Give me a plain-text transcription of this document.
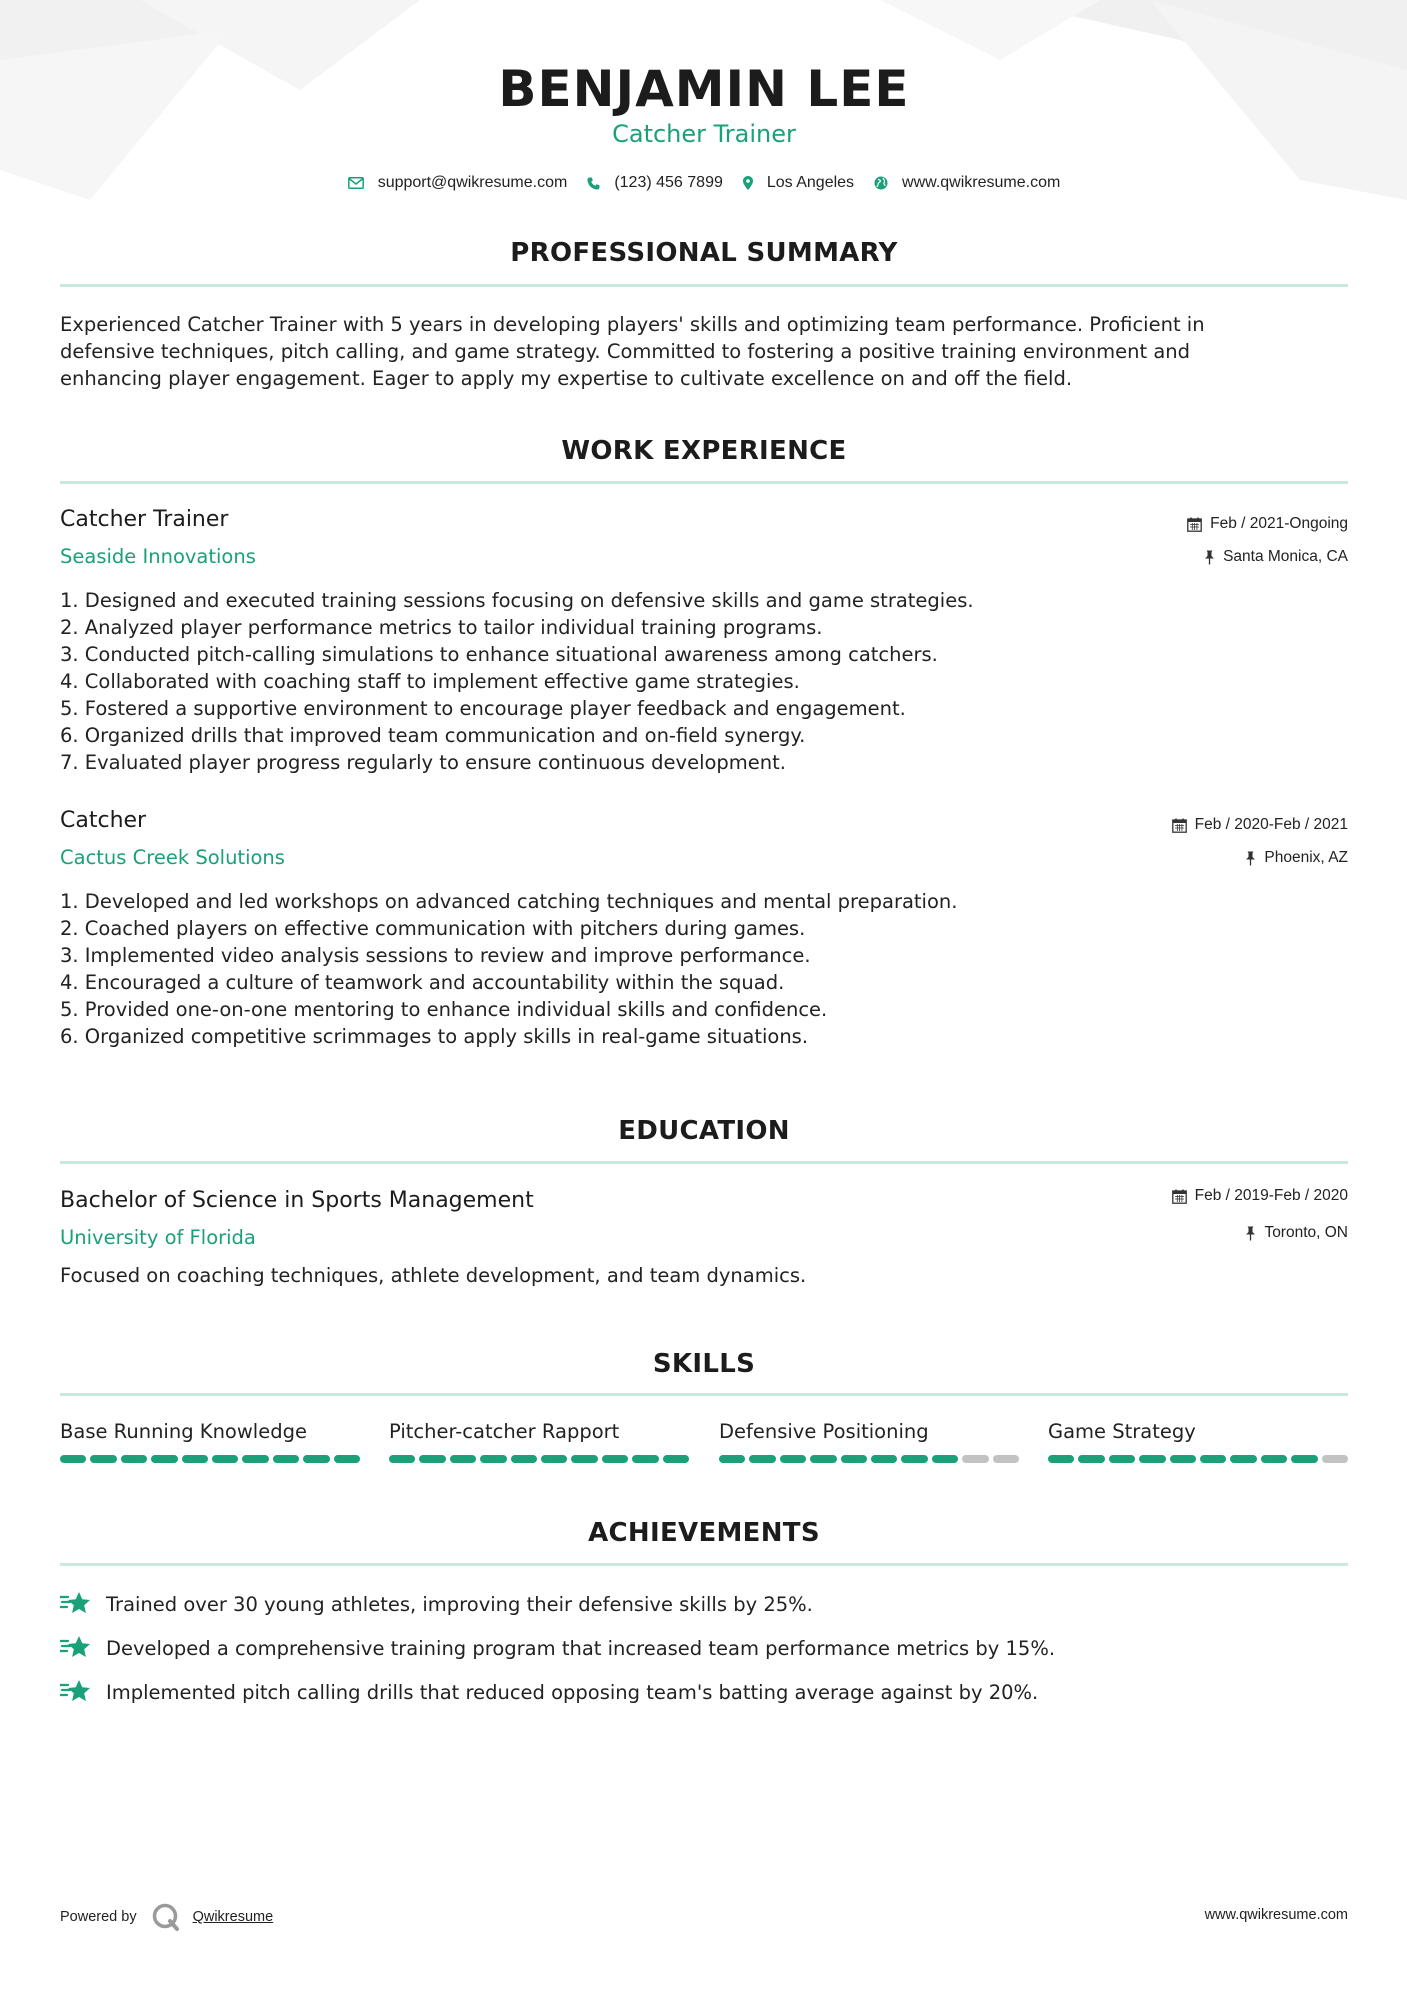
BENJAMIN LEE
Catcher Trainer
support@qwikresume.com	(123) 456 7899	Los Angeles	www.qwikresume.com
PROFESSIONAL SUMMARY
Experienced Catcher Trainer with 5 years in developing players' skills and optimizing team performance. Proficient in
defensive techniques, pitch calling, and game strategy. Committed to fostering a positive training environment and
enhancing player engagement. Eager to apply my expertise to cultivate excellence on and off the field.
WORK EXPERIENCE
Catcher Trainer
Seaside Innovations
Feb / 2021-Ongoing
Santa Monica, CA
1. Designed and executed training sessions focusing on defensive skills and game strategies.
2. Analyzed player performance metrics to tailor individual training programs.
3. Conducted pitch-calling simulations to enhance situational awareness among catchers.
4. Collaborated with coaching staff to implement effective game strategies.
5. Fostered a supportive environment to encourage player feedback and engagement.
6. Organized drills that improved team communication and on-field synergy.
7. Evaluated player progress regularly to ensure continuous development.
Catcher
Cactus Creek Solutions
Feb / 2020-Feb / 2021
Phoenix, AZ
1. Developed and led workshops on advanced catching techniques and mental preparation.
2. Coached players on effective communication with pitchers during games.
3. Implemented video analysis sessions to review and improve performance.
4. Encouraged a culture of teamwork and accountability within the squad.
5. Provided one-on-one mentoring to enhance individual skills and confidence.
6. Organized competitive scrimmages to apply skills in real-game situations.
EDUCATION
Bachelor of Science in Sports Management
University of Florida
Feb / 2019-Feb / 2020
Toronto, ON
Focused on coaching techniques, athlete development, and team dynamics.
SKILLS
Base Running Knowledge	Pitcher-catcher Rapport	Defensive Positioning	Game Strategy
ACHIEVEMENTS
Trained over 30 young athletes, improving their defensive skills by 25%.
Developed a comprehensive training program that increased team performance metrics by 15%.
Implemented pitch calling drills that reduced opposing team's batting average against by 20%.
Powered by	Qwikresume	www.qwikresume.com
